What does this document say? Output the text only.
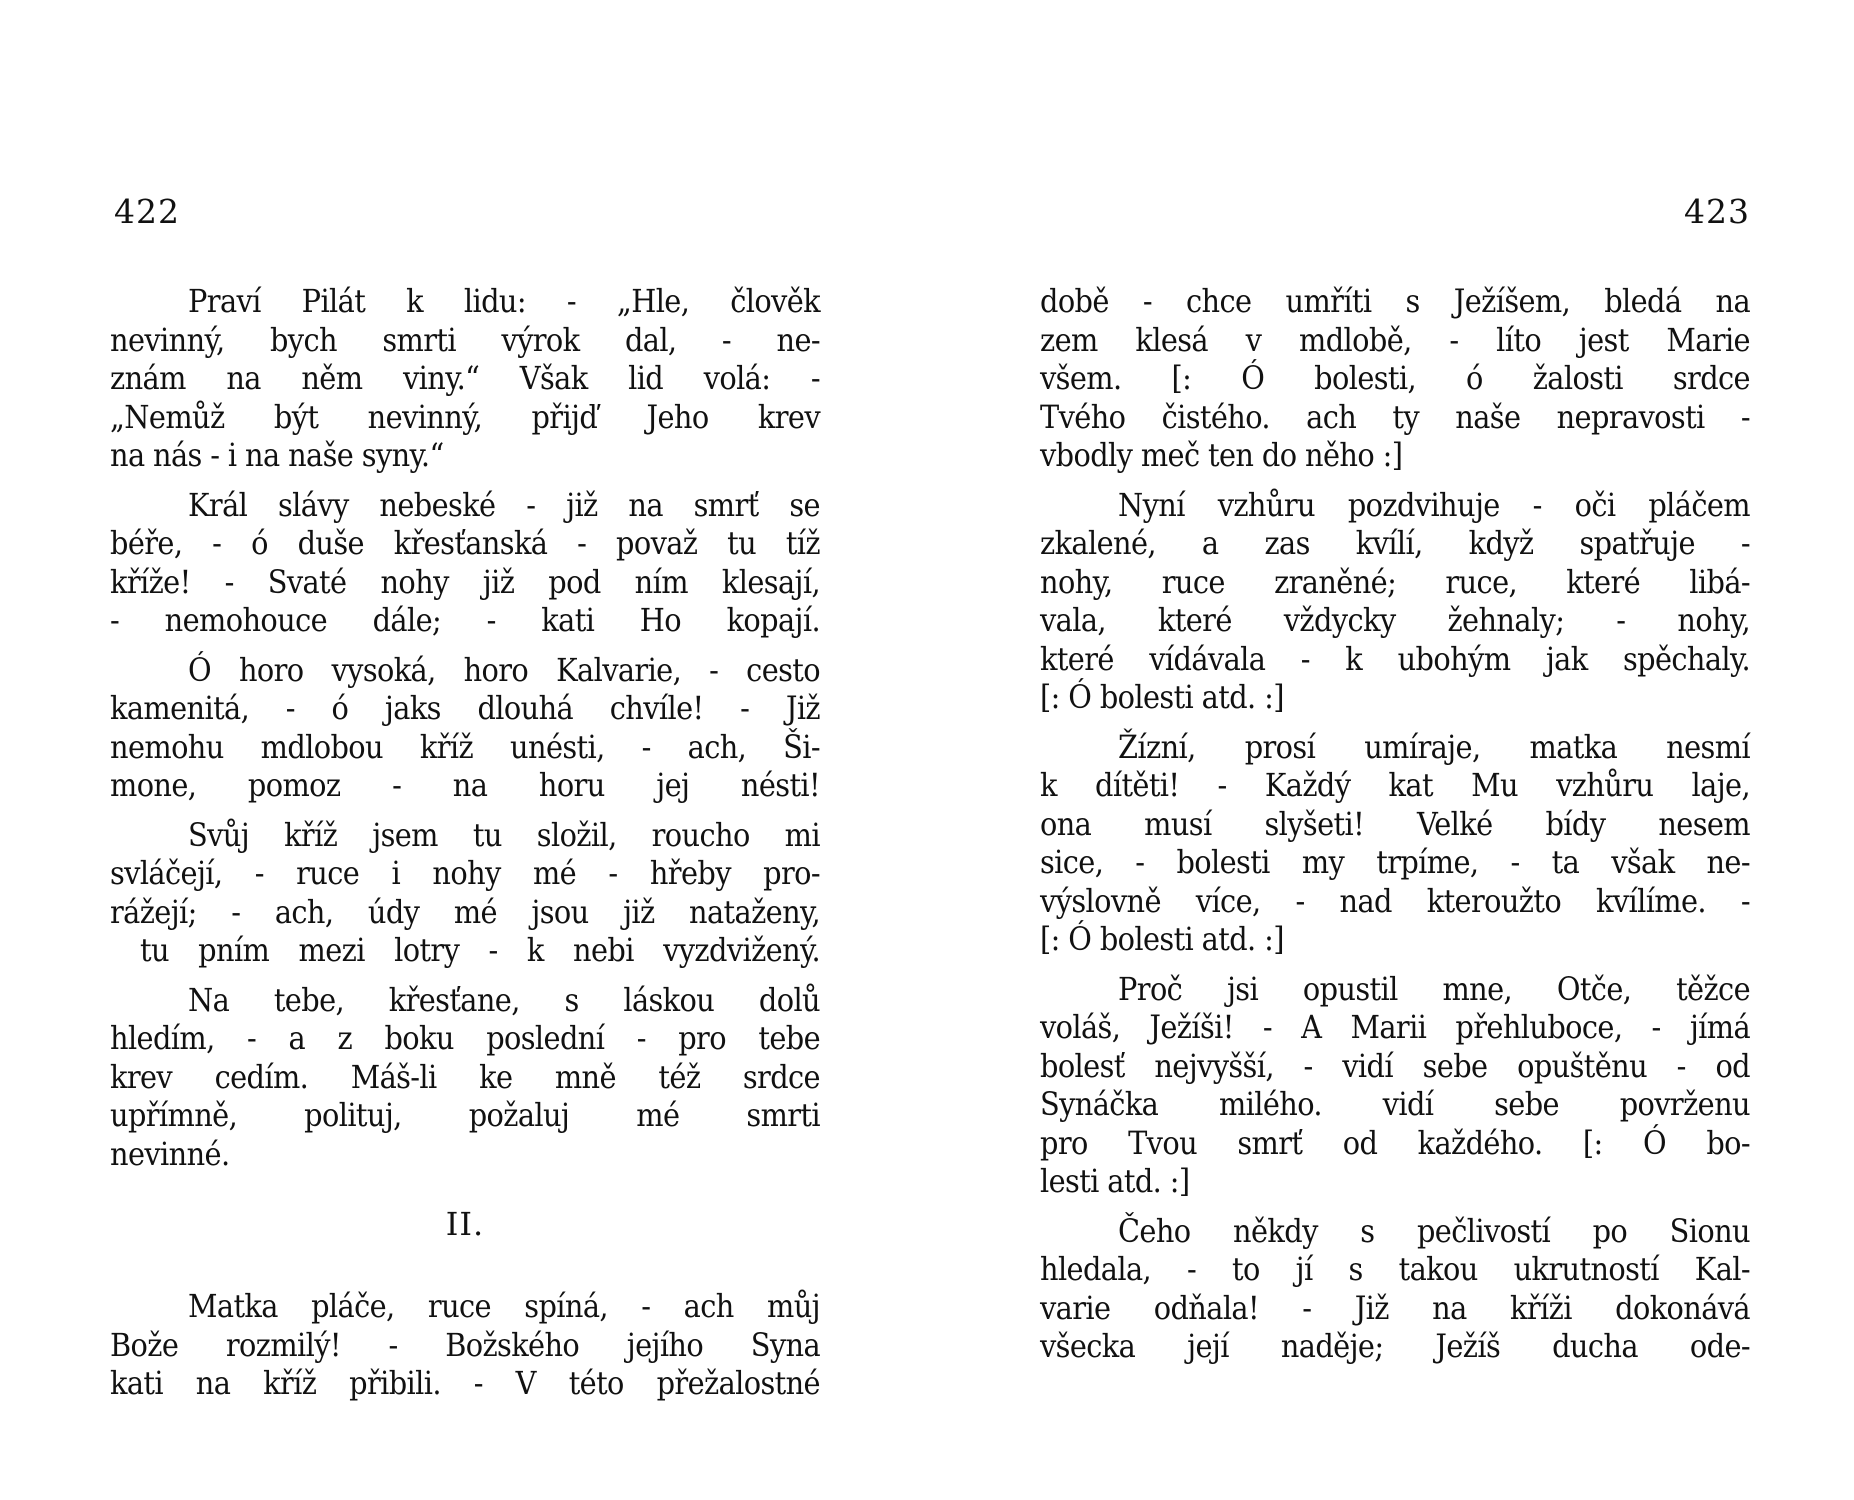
422
Praví Pilát k lidu: - „Hle, člověk
nevinný, bych smrti výrok dal, - ne-
znám na něm viny.“ Však lid volá: -
„Nemůž být nevinný, přijď Jeho krev
na nás - i na naše syny.“
Král slávy nebeské - již na smrť se
béře, - ó duše křesťanská - považ tu tíž
kříže! - Svaté nohy již pod ním klesají,
- nemohouce dále; - kati Ho kopají.
Ó horo vysoká, horo Kalvarie, - cesto
kamenitá, - ó jaks dlouhá chvíle! - Již
nemohu mdlobou kříž unésti, - ach, Ši-
mone, pomoz - na horu jej nésti!
Svůj kříž jsem tu složil, roucho mi
svláčejí, - ruce i nohy mé - hřeby pro-
rážejí; - ach, údy mé jsou již nataženy,
tu pním mezi lotry - k nebi vyzdvižený.
Na tebe, křesťane, s láskou dolů
hledím, - a z boku poslední - pro tebe
krev cedím. Máš-li ke mně též srdce
upřímně, polituj, požaluj mé smrti
nevinné.
II.
Matka pláče, ruce spíná, - ach můj
Bože rozmilý! - Božského jejího Syna
kati na kříž přibili. - V této přežalostné
423
době - chce umříti s Ježíšem, bledá na
zem klesá v mdlobě, - líto jest Marie
všem. [: Ó bolesti, ó žalosti srdce
Tvého čistého. ach ty naše nepravosti -
vbodly meč ten do něho :]
Nyní vzhůru pozdvihuje - oči pláčem
zkalené, a zas kvílí, když spatřuje -
nohy, ruce zraněné; ruce, které libá-
vala, které vždycky žehnaly; - nohy,
které vídávala - k ubohým jak spěchaly.
[: Ó bolesti atd. :]
Žízní, prosí umíraje, matka nesmí
k dítěti! - Každý kat Mu vzhůru laje,
ona musí slyšeti! Velké bídy nesem
sice, - bolesti my trpíme, - ta však ne-
výslovně více, - nad kteroužto kvílíme. -
[: Ó bolesti atd. :]
Proč jsi opustil mne, Otče, těžce
voláš, Ježíši! - A Marii přehluboce, - jímá
bolesť nejvyšší, - vidí sebe opuštěnu - od
Synáčka milého. vidí sebe povrženu
pro Tvou smrť od každého. [: Ó bo-
lesti atd. :]
Čeho někdy s pečlivostí po Sionu
hledala, - to jí s takou ukrutností Kal-
varie odňala! - Již na kříži dokonává
všecka její naděje; Ježíš ducha ode-
